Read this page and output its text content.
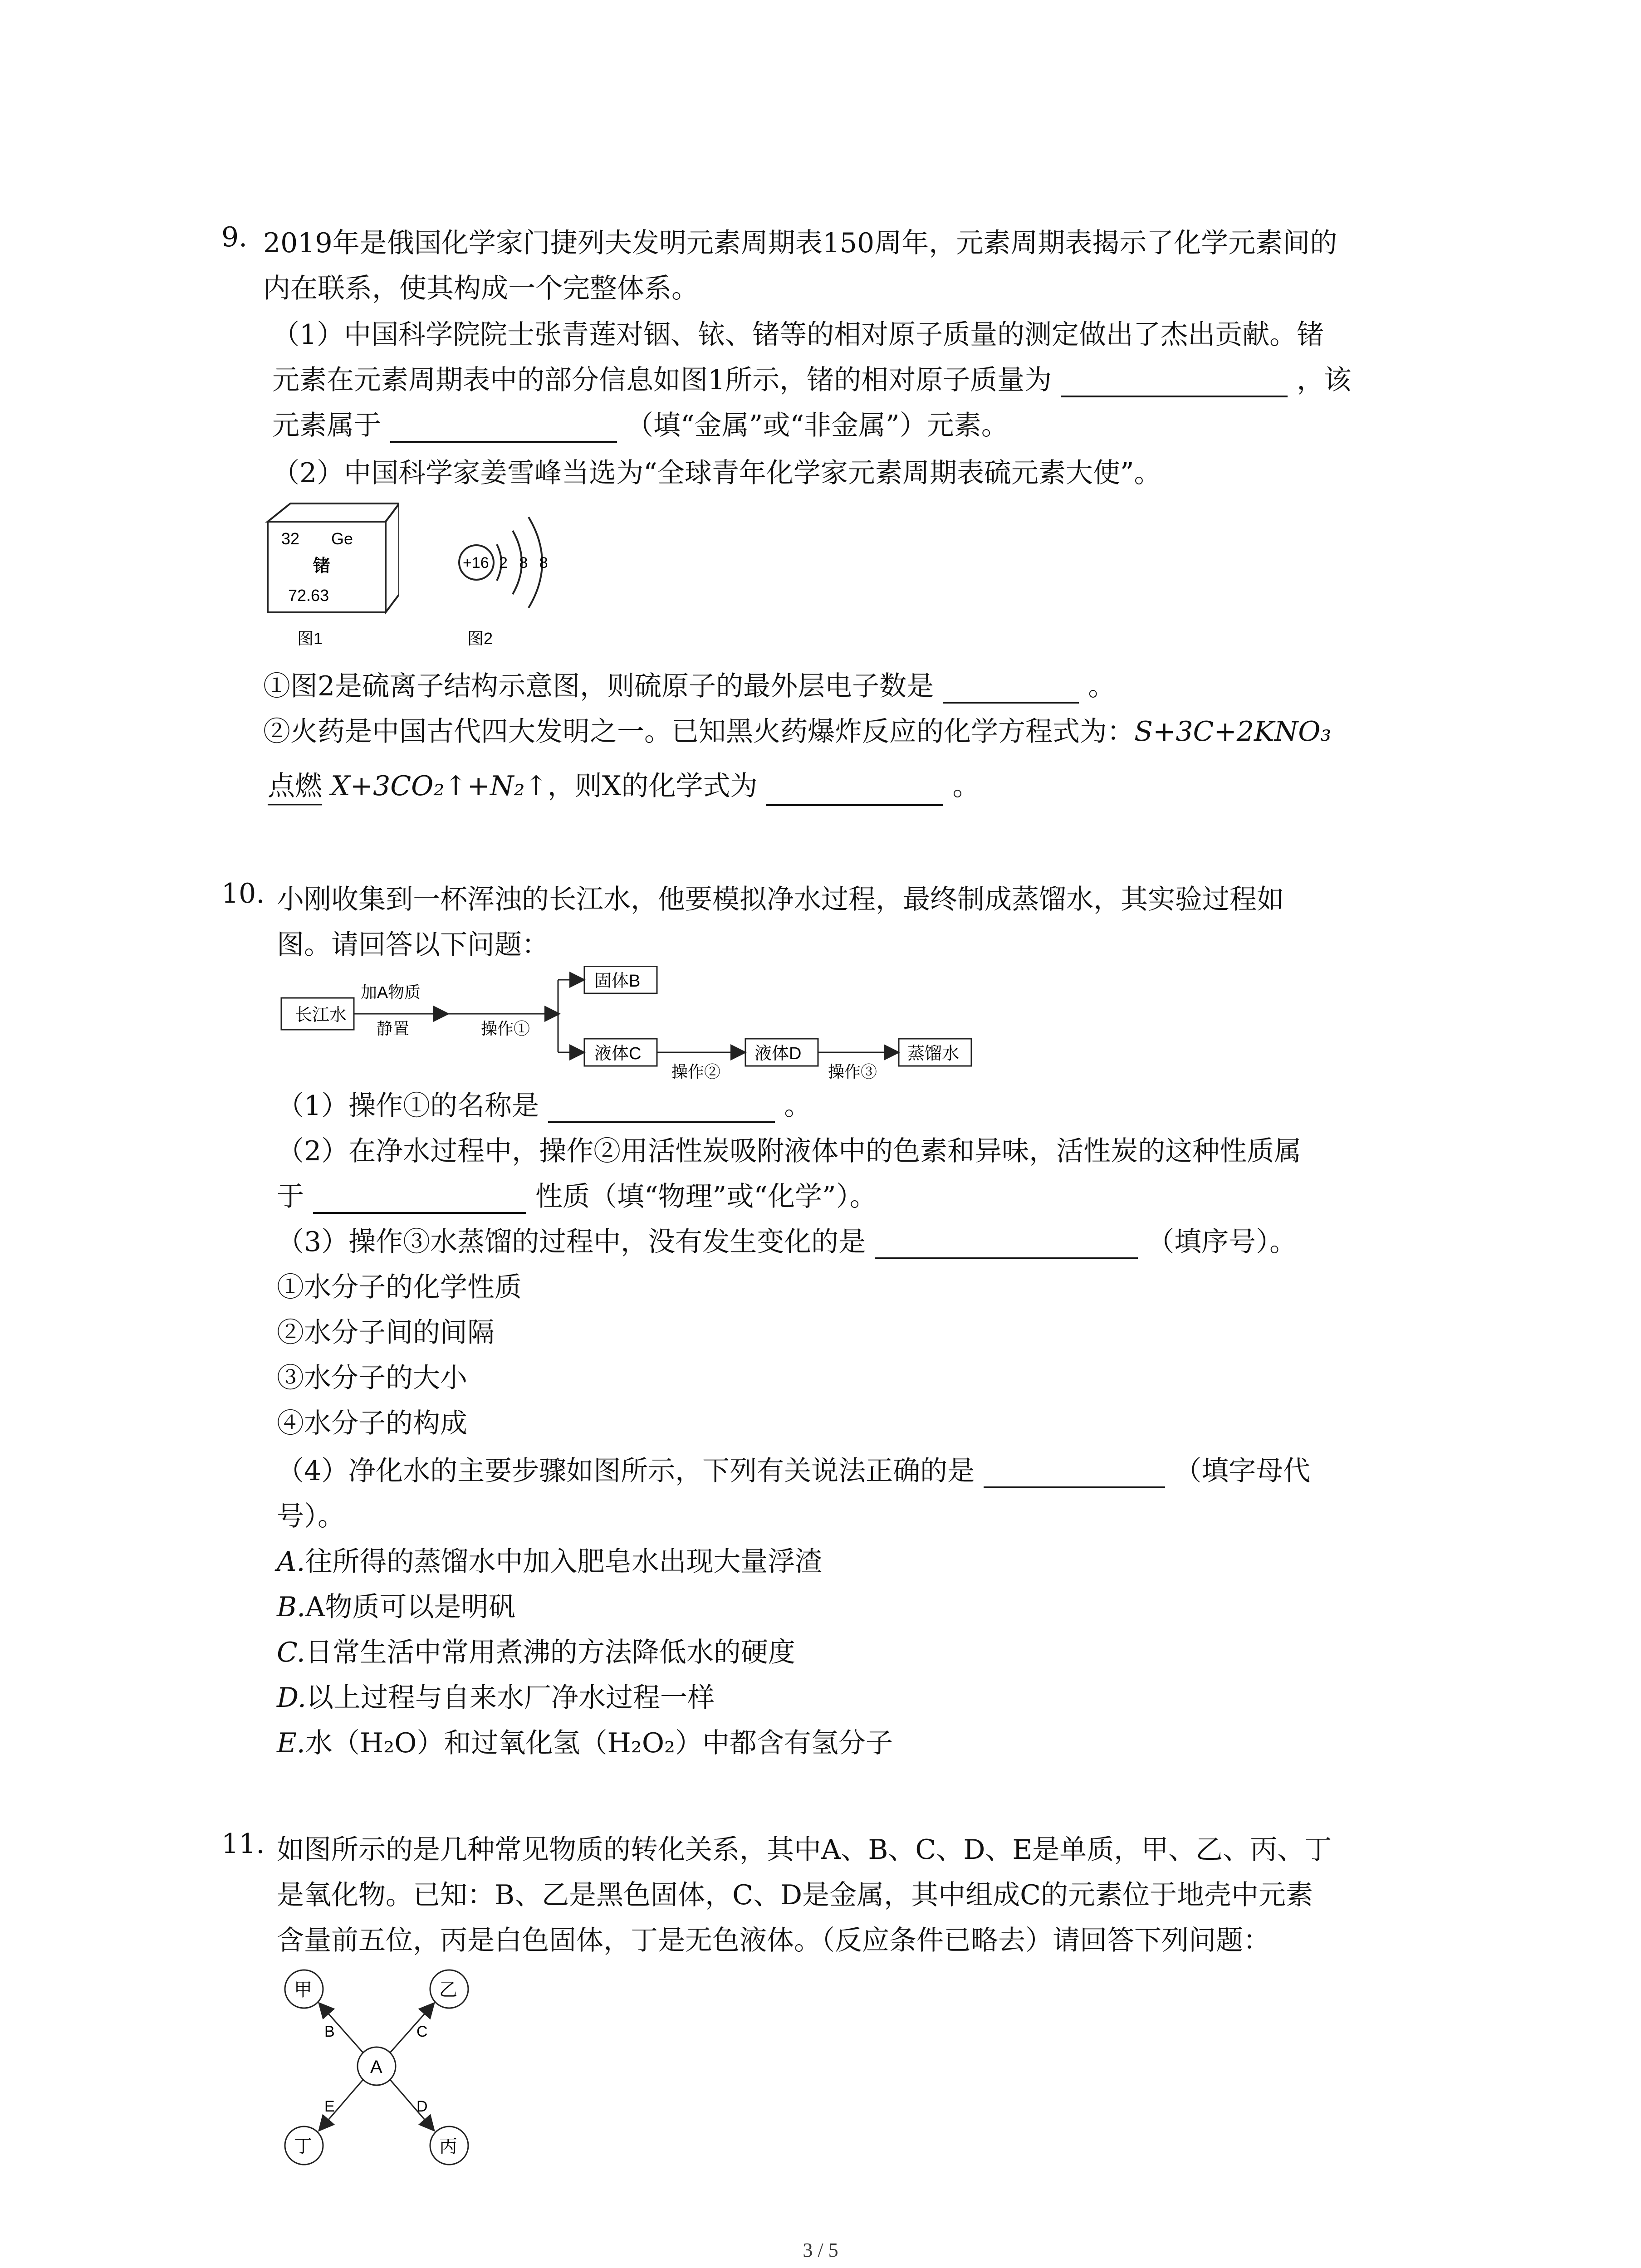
9. 2019年是俄国化学家门捷列夫发明元素周期表150周年，元素周期表揭示了化学元素间的
内在联系，使其构成一个完整体系。
（1）中国科学院院士张青莲对铟、铱、锗等的相对原子质量的测定做出了杰出贡献。锗
元素在元素周期表中的部分信息如图1所示，锗的相对原子质量为	，该
元素属于	（填“金属”或“非金属”）元素。
（2）中国科学家姜雪峰当选为“全球青年化学家元素周期表硫元素大使”。
32 Ge
锗
72.63
图1
+16 2 8 8
图2
①图2是硫离子结构示意图，则硫原子的最外层电子数是	。
②火药是中国古代四大发明之一。已知黑火药爆炸反应的化学方程式为：S+3C+2KNO₃
点燃 X+3CO₂↑+N₂↑，则X的化学式为	。
10. 小刚收集到一杯浑浊的长江水，他要模拟净水过程，最终制成蒸馏水，其实验过程如
图。请回答以下问题：
长江水
加A物质
静置	操作①
固体B
液体C
操作②
液体D
操作③
蒸馏水
（1）操作①的名称是	。
（2）在净水过程中，操作②用活性炭吸附液体中的色素和异味，活性炭的这种性质属
于	性质（填“物理”或“化学”）。
（3）操作③水蒸馏的过程中，没有发生变化的是	（填序号）。
①水分子的化学性质
②水分子间的间隔
③水分子的大小
④水分子的构成
（4）净化水的主要步骤如图所示，下列有关说法正确的是	（填字母代
号）。
A.往所得的蒸馏水中加入肥皂水出现大量浮渣
B.A物质可以是明矾
C.日常生活中常用煮沸的方法降低水的硬度
D.以上过程与自来水厂净水过程一样
E.水（H₂O）和过氧化氢（H₂O₂）中都含有氢分子
11. 如图所示的是几种常见物质的转化关系，其中A、B、C、D、E是单质，甲、乙、丙、丁
是氧化物。已知：B、乙是黑色固体，C、D是金属，其中组成C的元素位于地壳中元素
含量前五位，丙是白色固体，丁是无色液体。（反应条件已略去）请回答下列问题：
甲	乙
A
丁	丙
B	C
E	D
3 / 5
